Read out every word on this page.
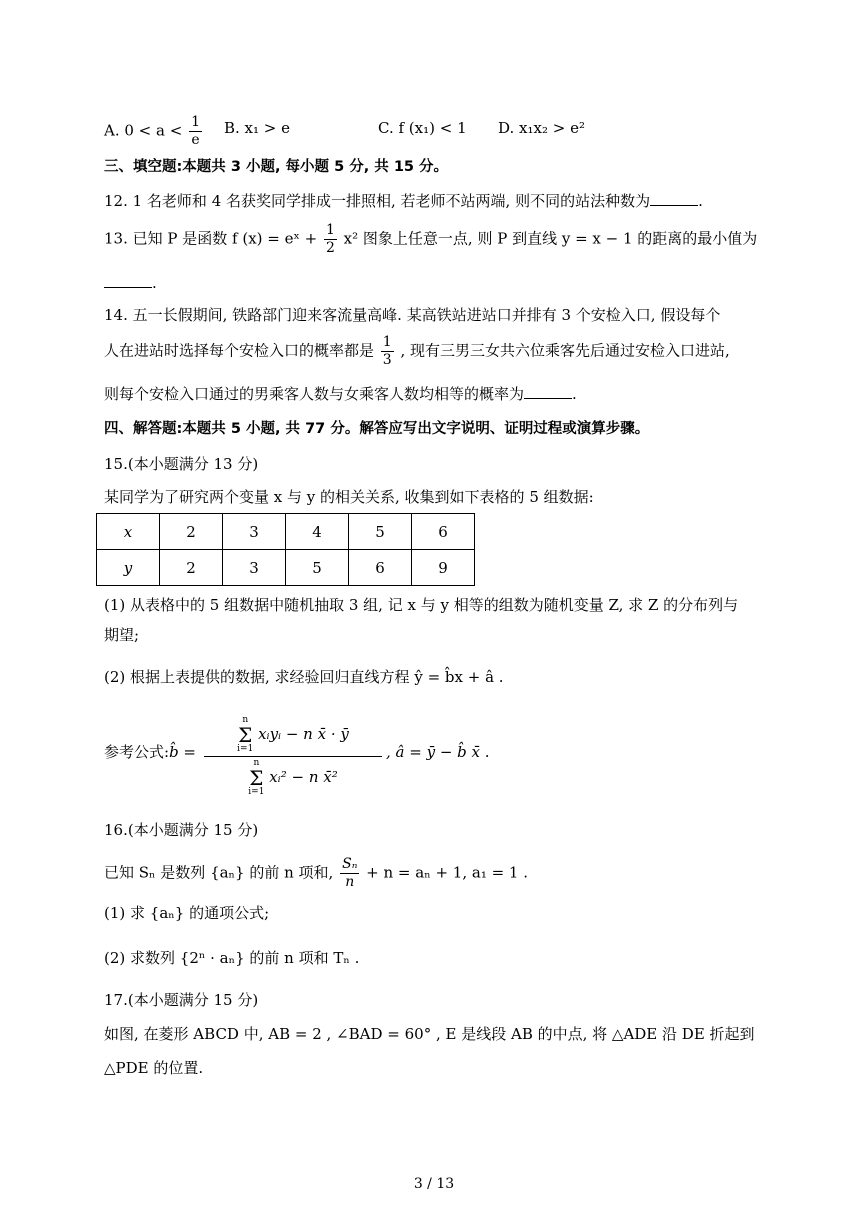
A. $0 < a < \frac{1}{e} B$. x₁ > e	C. f (x₁) < 1 D. x₁x₂ > e²
三、填空题:本题共 3 小题, 每小题 5 分, 共 15 分。
12. 1 名老师和 4 名获奖同学排成一排照相, 若老师不站两端, 则不同的站法种数为	.
13. 已知 P 是函数 f (x) = eˣ + $\frac{1}{2} x^2$ 图象上任意一点, 则 P 到直线 y = x − 1 的距离的最小值为
.
14. 五一长假期间, 铁路部门迎来客流量高峰. 某高铁站进站口并排有 3 个安检入口, 假设每个
人在进站时选择每个安检入口的概率都是 $\frac{1}{3}$ , 现有三男三女共六位乘客先后通过安检入口进站,
则每个安检入口通过的男乘客人数与女乘客人数均相等的概率为	.
四、解答题:本题共 5 小题, 共 77 分。解答应写出文字说明、证明过程或演算步骤。
15.(本小题满分 13 分)
某同学为了研究两个变量 x 与 y 的相关关系, 收集到如下表格的 5 组数据:
x	2	3	4	5	6
y	2	3	5	6	9
(1) 从表格中的 5 组数据中随机抽取 3 组, 记 x 与 y 相等的组数为随机变量 Z, 求 Z 的分布列与
期望;
(2) 根据上表提供的数据, 求经验回归直线方程 ŷ = b̂x + â .
参考公式:b̂ =
n
Σ
i=1 xᵢyᵢ − n x̄ · ȳ
n
Σ
i=1 xᵢ² − n x̄²
, â = ȳ − b̂ x̄ .
16.(本小题满分 15 分)
已知 Sₙ 是数列 {aₙ} 的前 n 项和, $\frac{\text{Sₙ}}{n} + n = a_n + 1$, a₁ = 1 .
(1) 求 {aₙ} 的通项公式;
(2) 求数列 {2ⁿ · aₙ} 的前 n 项和 Tₙ .
17.(本小题满分 15 分)
如图, 在菱形 ABCD 中, AB = 2 , ∠BAD = 60° , E 是线段 AB 的中点, 将 △ADE 沿 DE 折起到
△PDE 的位置.
3 / 13
